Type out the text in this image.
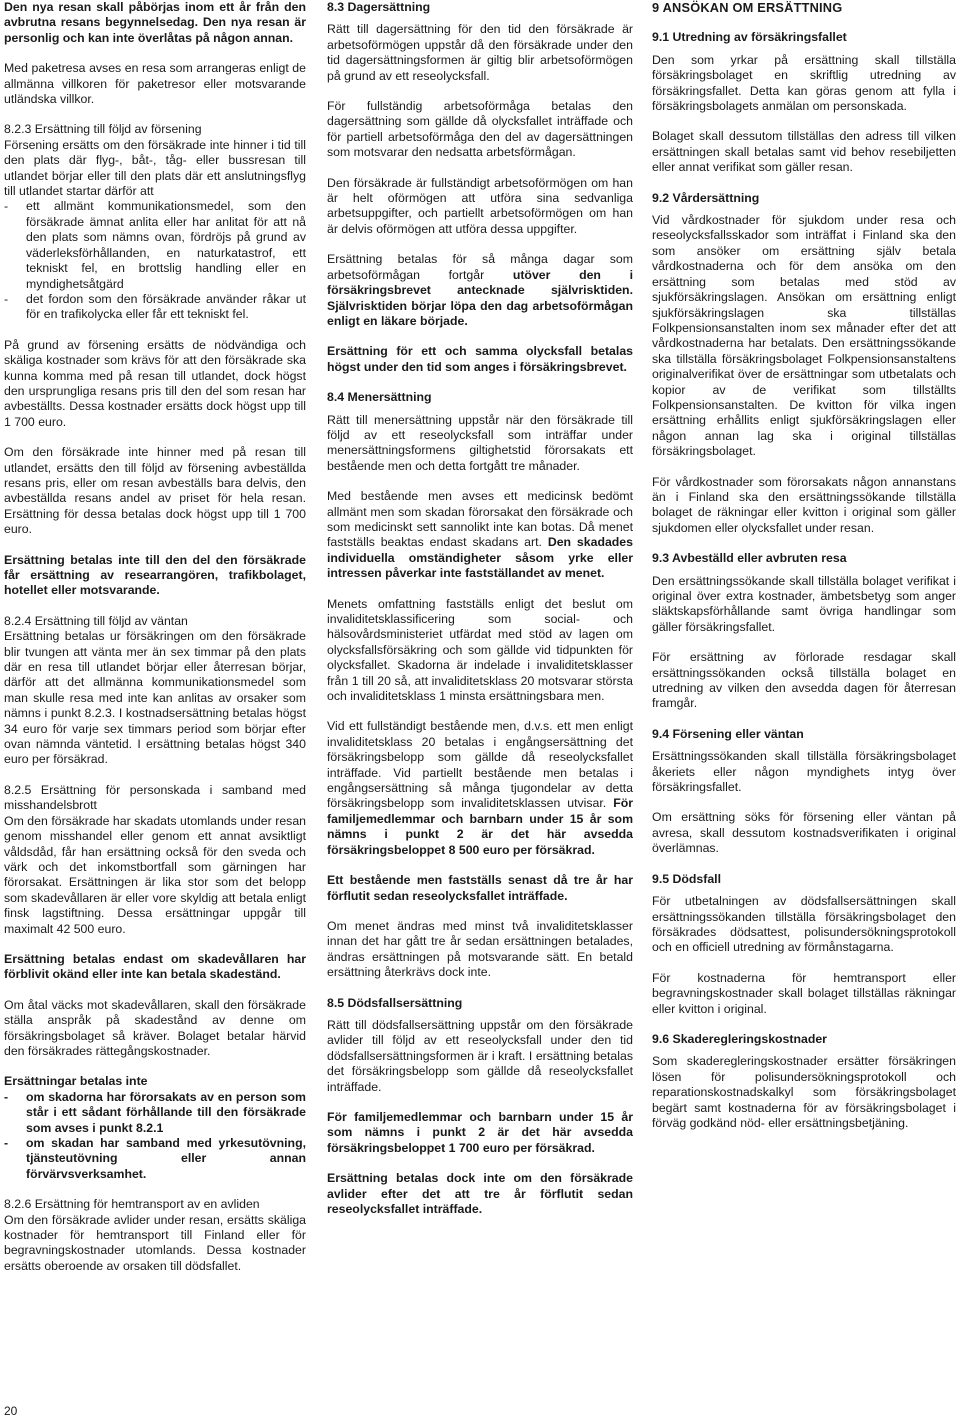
Den nya resan skall påbörjas inom ett år från den avbrutna resans begynnelsedag. Den nya resan är personlig och kan inte överlåtas på någon annan.

Med paketresa avses en resa som arrangeras enligt de allmänna villkoren för paketresor eller motsvarande utländska villkor.

8.2.3 Ersättning till följd av försening
Försening ersätts om den försäkrade inte hinner i tid till den plats där flyg-, båt-, tåg- eller bussresan till utlandet börjar eller till den plats där ett anslutningsflyg till utlandet startar därför att
-	ett allmänt kommunikationsmedel, som den försäkrade ämnat anlita eller har anlitat för att nå den plats som nämns ovan, fördröjs på grund av väderleksförhållanden, en naturkatastrof, ett tekniskt fel, en brottslig handling eller en myndighetsåtgärd
-	det fordon som den försäkrade använder råkar ut för en trafikolycka eller får ett tekniskt fel.

På grund av försening ersätts de nödvändiga och skäliga kostnader som krävs för att den försäkrade ska kunna komma med på resan till utlandet, dock högst den ursprungliga resans pris till den del som resan har avbeställts. Dessa kostnader ersätts dock högst upp till 1 700 euro.

Om den försäkrade inte hinner med på resan till utlandet, ersätts den till följd av försening avbeställda resans pris, eller om resan avbeställs bara delvis, den avbeställda resans andel av priset för hela resan. Ersättning för dessa betalas dock högst upp till 1 700 euro.

Ersättning betalas inte till den del den försäkrade får ersättning av researrangören, trafikbolaget, hotellet eller motsvarande.

8.2.4 Ersättning till följd av väntan
Ersättning betalas ur försäkringen om den försäkrade blir tvungen att vänta mer än sex timmar på den plats där en resa till utlandet börjar eller återresan börjar, därför att det allmänna kommunikationsmedel som man skulle resa med inte kan anlitas av orsaker som nämns i punkt 8.2.3. I kostnadsersättning betalas högst 34 euro för varje sex timmars period som börjar efter ovan nämnda väntetid. I ersättning betalas högst 340 euro per försäkrad.
8.2.5 Ersättning för personskada i samband med misshandelsbrott
Om den försäkrade har skadats utomlands under resan genom misshandel eller genom ett annat avsiktligt våldsdåd, får han ersättning också för den sveda och värk och det inkomstbortfall som gärningen har förorsakat. Ersättningen är lika stor som det belopp som skadevållaren är eller vore skyldig att betala enligt finsk lagstiftning. Dessa ersättningar uppgår till maximalt 42 500 euro.

Ersättning betalas endast om skadevållaren har förblivit okänd eller inte kan betala skadeständ.

Om åtal väcks mot skadevållaren, skall den försäkrade ställa anspråk på skadestånd av denne om försäkringsbolaget så kräver. Bolaget betalar härvid den försäkrades rättegångskostnader.

Ersättningar betalas inte
-	om skadorna har förorsakats av en person som står i ett sådant förhållande till den försäkrade som avses i punkt 8.2.1
-	om skadan har samband med yrkesutövning, tjänsteutövning eller annan förvärvsverksamhet.
8.2.6 Ersättning för hemtransport av en avliden
Om den försäkrade avlider under resan, ersätts skäliga kostnader för hemtransport till Finland eller för begravningskostnader utomlands. Dessa kostnader ersätts oberoende av orsaken till dödsfallet.
8.3 Dagersättning

Rätt till dagersättning för den tid den försäkrade är arbetsoförmögen uppstår då den försäkrade under den tid dagersättningsformen är giltig blir arbetsoförmögen på grund av ett reseolycksfall.

För fullständig arbetsoförmåga betalas den dagersättning som gällde då olycksfallet inträffade och för partiell arbetsoförmåga den del av dagersättningen som motsvarar den nedsatta arbetsförmågan.

Den försäkrade är fullständigt arbetsoförmögen om han är helt oförmögen att utföra sina sedvanliga arbetsuppgifter, och partiellt arbetsoförmögen om han är delvis oförmögen att utföra dessa uppgifter.

Ersättning betalas för så många dagar som arbetsoförmågan fortgår utöver den i försäkringsbrevet antecknade självrisktiden. Självrisktiden börjar löpa den dag arbetsoförmågan enligt en läkare började.

Ersättning för ett och samma olycksfall betalas högst under den tid som anges i försäkringsbrevet.

8.4 Menersättning

Rätt till menersättning uppstår när den försäkrade till följd av ett reseolycksfall som inträffar under menersättningsformens giltighetstid förorsakats ett bestående men och detta fortgått tre månader.

Med bestående men avses ett medicinsk bedömt allmänt men som skadan förorsakat den försäkrade och som medicinskt sett sannolikt inte kan botas. Då menet fastställs beaktas endast skadans art. Den skadades individuella omständigheter såsom yrke eller intressen påverkar inte fastställandet av menet.

Menets omfattning fastställs enligt det beslut om invaliditetsklassificering som social- och hälsovårdsministeriet utfärdat med stöd av lagen om olycksfallsförsäkring och som gällde vid tidpunkten för olycksfallet. Skadorna är indelade i invaliditetsklasser från 1 till 20 så, att invaliditetsklass 20 motsvarar största och invaliditetsklass 1 minsta ersättningsbara men.

Vid ett fullständigt bestående men, d.v.s. ett men enligt invaliditetsklass 20 betalas i engångsersättning det försäkringsbelopp som gällde då reseolycksfallet inträffade. Vid partiellt bestående men betalas i engångsersättning så många tjugondelar av detta försäkringsbelopp som invaliditetsklassen utvisar. För familjemedlemmar och barnbarn under 15 år som nämns i punkt 2 är det här avsedda försäkringsbeloppet 8 500 euro per försäkrad.

Ett bestående men fastställs senast då tre år har förflutit sedan reseolycksfallet inträffade.

Om menet ändras med minst två invaliditetsklasser innan det har gått tre år sedan ersättningen betalades, ändras ersättningen på motsvarande sätt. En betald ersättning återkrävs dock inte.

8.5 Dödsfallsersättning

Rätt till dödsfallsersättning uppstår om den försäkrade avlider till följd av ett reseolycksfall under den tid dödsfallsersättningsformen är i kraft. I ersättning betalas det försäkringsbelopp som gällde då reseolycksfallet inträffade.

För familjemedlemmar och barnbarn under 15 år som nämns i punkt 2 är det här avsedda försäkringsbeloppet 1 700 euro per försäkrad.

Ersättning betalas dock inte om den försäkrade avlider efter det att tre år förflutit sedan reseolycksfallet inträffade.

9 ANSÖKAN OM ERSÄTTNING
9.1 Utredning av försäkringsfallet

Den som yrkar på ersättning skall tillställa försäkringsbolaget en skriftlig utredning av försäkringsfallet. Detta kan göras genom att fylla i försäkringsbolagets anmälan om personskada.

Bolaget skall dessutom tillställas den adress till vilken ersättningen skall betalas samt vid behov resebiljetten eller annat verifikat som gäller resan.

9.2 Vårdersättning

Vid vårdkostnader för sjukdom under resa och reseolycksfallsskador som inträffat i Finland ska den som ansöker om ersättning själv betala vårdkostnaderna och för dem ansöka om den ersättning som betalas med stöd av sjukförsäkringslagen. Ansökan om ersättning enligt sjukförsäkringslagen ska tillställas Folkpensionsanstalten inom sex månader efter det att vårdkostnaderna har betalats. Den ersättningssökande ska tillställa försäkringsbolaget Folkpensionsanstaltens originalverifikat över de ersättningar som utbetalats och kopior av de verifikat som tillställts Folkpensionsanstalten. De kvitton för vilka ingen ersättning erhållits enligt sjukförsäkringslagen eller någon annan lag ska i original tillställas försäkringsbolaget.

För vårdkostnader som förorsakats någon annanstans än i Finland ska den ersättningssökande tillställa bolaget de räkningar eller kvitton i original som gäller sjukdomen eller olycksfallet under resan.

9.3 Avbeställd eller avbruten resa

Den ersättningssökande skall tillställa bolaget verifikat i original över extra kostnader, ämbetsbetyg som anger släktskapsförhållande samt övriga handlingar som gäller försäkringsfallet.

För ersättning av förlorade resdagar skall ersättningssökanden också tillställa bolaget en utredning av vilken den avsedda dagen för återresan framgår.

9.4 Försening eller väntan

Ersättningssökanden skall tillställa försäkringsbolaget åkeriets eller någon myndighets intyg över försäkringsfallet.

Om ersättning söks för försening eller väntan på avresa, skall dessutom kostnadsverifikaten i original överlämnas.

9.5 Dödsfall

För utbetalningen av dödsfallsersättningen skall ersättningssökanden tillställa försäkringsbolaget den försäkrades dödsattest, polisundersökningsprotokoll och en officiell utredning av förmånstagarna.

För kostnaderna för hemtransport eller begravningskostnader skall bolaget tillställas räkningar eller kvitton i original.

9.6 Skaderegleringskostnader

Som skaderegleringskostnader ersätter försäkringen lösen för polisundersökningsprotokoll och reparationskostnadskalkyl som försäkringsbolaget begärt samt kostnaderna för av försäkringsbolaget i förväg godkänd nöd- eller ersättningsbetjäning.

20
